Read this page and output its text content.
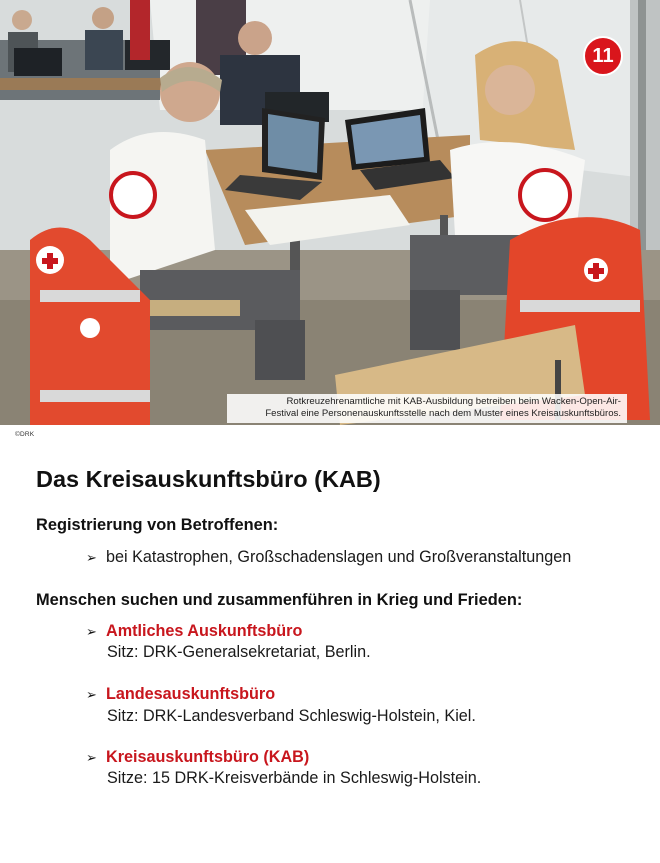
11
Rotkreuzehrenamtliche mit KAB-Ausbildung betreiben beim Wacken-Open-Air-
Festival eine Personenauskunftsstelle nach dem Muster eines Kreisauskunftsbüros.
©DRK
Das Kreisauskunftsbüro (KAB)
Registrierung von Betroffenen:
➢ bei Katastrophen, Großschadenslagen und Großveranstaltungen
Menschen suchen und zusammenführen in Krieg und Frieden:
➢ Amtliches Auskunftsbüro
Sitz: DRK-Generalsekretariat, Berlin.
➢ Landesauskunftsbüro
Sitz: DRK-Landesverband Schleswig-Holstein, Kiel.
➢ Kreisauskunftsbüro (KAB)
Sitze: 15 DRK-Kreisverbände in Schleswig-Holstein.
